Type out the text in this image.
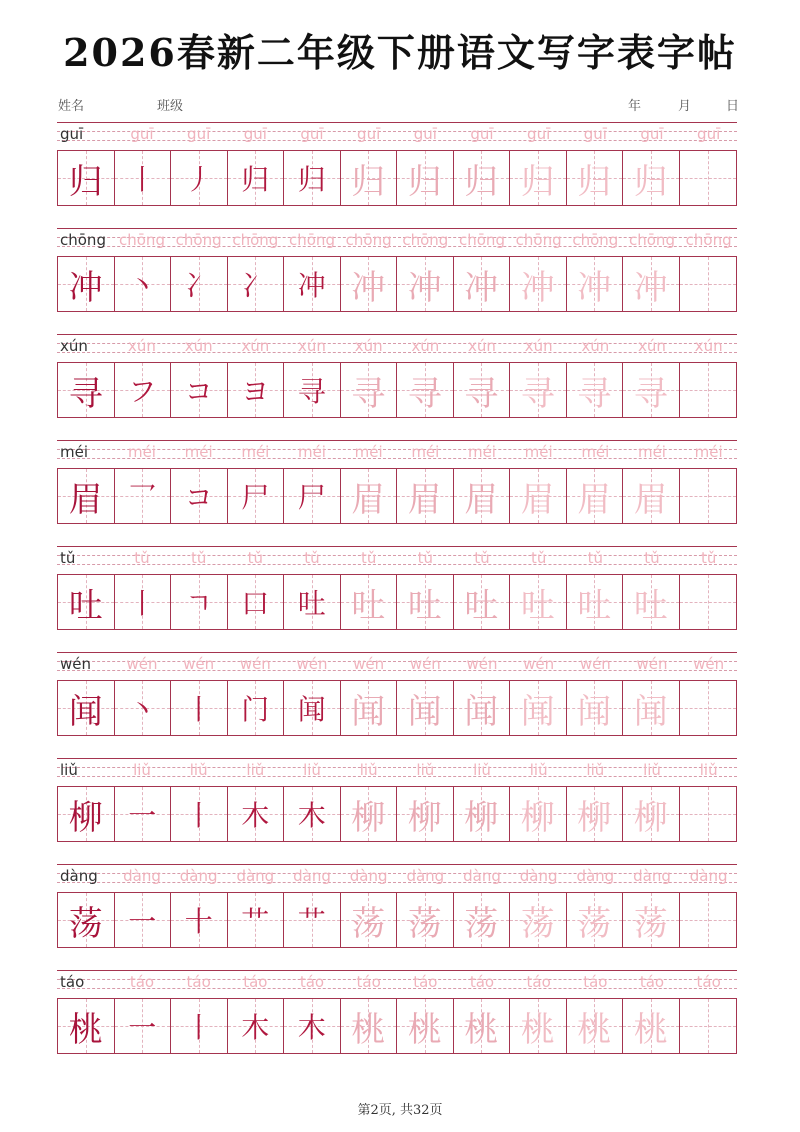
2026春新二年级下册语文写字表字帖
姓名	班级	年	月	日
guī	guī	guī	guī	guī	guī	guī	guī	guī	guī	guī	guī
归 丨	丿	归	归 归 归 归 归 归 归
chōng chōng chōng chōng chōng chōng chōng chōng chōng chōng chōng chōng
冲 丶	冫	冫	冲 冲 冲 冲 冲 冲 冲
xún	xún	xún	xún	xún	xún	xún	xún	xún	xún	xún	xún
寻 フ	コ	ヨ	寻 寻 寻 寻 寻 寻 寻
méi	méi	méi	méi	méi	méi	méi	méi	méi	méi	méi	méi
眉 乛	コ	尸	尸 眉 眉 眉 眉 眉 眉
tǔ	tǔ	tǔ	tǔ	tǔ	tǔ	tǔ	tǔ	tǔ	tǔ	tǔ	tǔ
吐 丨	ㄱ	口	吐 吐 吐 吐 吐 吐 吐
wén	wén	wén	wén	wén	wén	wén	wén	wén	wén	wén	wén
闻 丶	丨	门	闻 闻 闻 闻 闻 闻 闻
liǔ	liǔ	liǔ	liǔ	liǔ	liǔ	liǔ	liǔ	liǔ	liǔ	liǔ	liǔ
柳 一	丨	木	木 柳 柳 柳 柳 柳 柳
dàng	dàng	dàng	dàng	dàng	dàng	dàng	dàng	dàng	dàng	dàng	dàng
荡 一	十	艹	艹 荡 荡 荡 荡 荡 荡
táo	táo	táo	táo	táo	táo	táo	táo	táo	táo	táo	táo
桃 一	丨	木	木 桃 桃 桃 桃 桃 桃
第2页, 共32页
